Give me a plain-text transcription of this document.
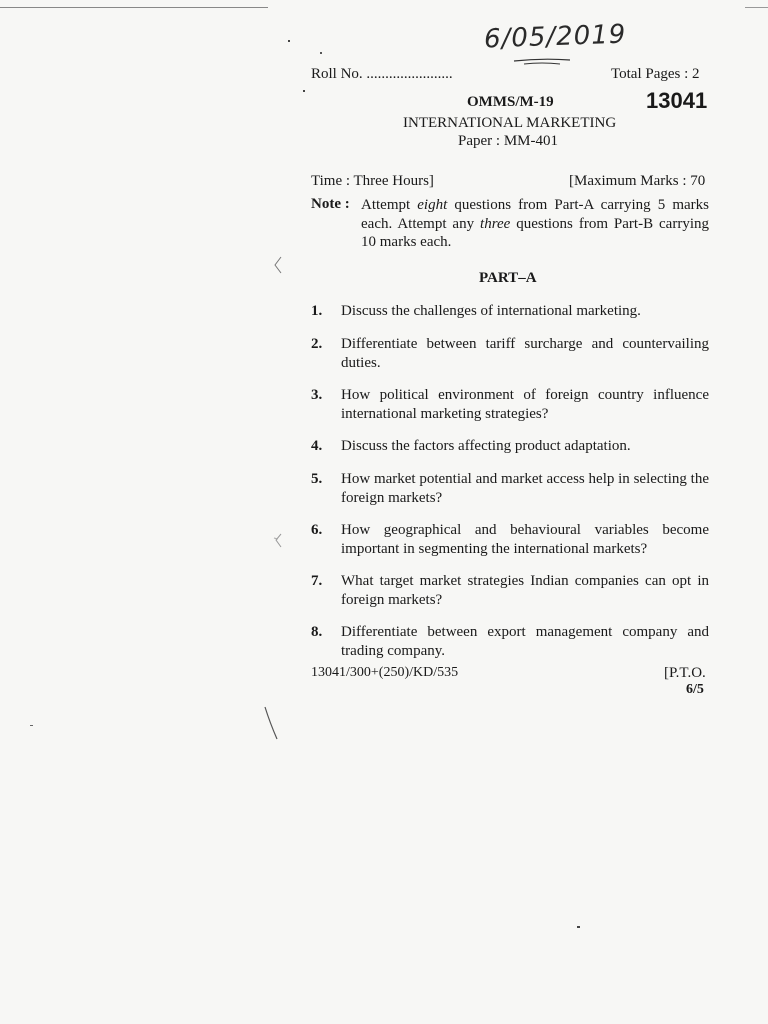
6/05/2019
Roll No. .......................	Total Pages : 2
OMMS/M-19	13041
INTERNATIONAL MARKETING
Paper : MM-401
Time : Three Hours]	[Maximum Marks : 70
Note : Attempt eight questions from Part-A carrying 5 marks each. Attempt any three questions from Part-B carrying 10 marks each.
PART–A
1. Discuss the challenges of international marketing.
2. Differentiate between tariff surcharge and countervailing duties.
3. How political environment of foreign country influence international marketing strategies?
4. Discuss the factors affecting product adaptation.
5. How market potential and market access help in selecting the foreign markets?
6. How geographical and behavioural variables become important in segmenting the international markets?
7. What target market strategies Indian companies can opt in foreign markets?
8. Differentiate between export management company and trading company.
13041/300+(250)/KD/535	[P.T.O.
6/5
